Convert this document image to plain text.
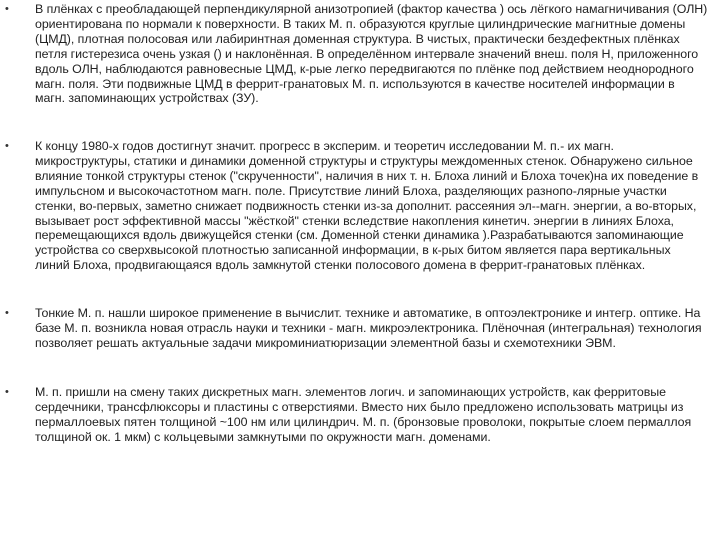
•	В плёнках с преобладающей перпендикулярной анизотропией (фактор качества ) ось лёгкого намагничивания (ОЛН) ориентирована по нормали к поверхности. В таких М. п. образуются круглые цилиндрические магнитные домены (ЦМД), плотная полосовая или лабиринтная доменная структура. В чистых, практически бездефектных плёнках петля гистерезиса очень узкая () и наклонённая. В определённом интервале значений внеш. поля Н, приложенного вдоль ОЛН, наблюдаются равновесные ЦМД, к-рые легко передвигаются по плёнке под действием неоднородного магн. поля. Эти подвижные ЦМД в феррит-гранатовых М. п. используются в качестве носителей информации в магн. запоминающих устройствах (ЗУ).

•	К концу 1980-х годов достигнут значит. прогресс в эксперим. и теоретич исследовании М. п.- их магн. микроструктуры, статики и динамики доменной структуры и структуры междоменных стенок. Обнаружено сильное влияние тонкой структуры стенок ("скрученности", наличия в них т. н. Блоха линий и Блоха точек)на их поведение в импульсном и высокочастотном магн. поле. Присутствие линий Блоха, разделяющих разнопо-лярные участки стенки, во-первых, заметно снижает подвижность стенки из-за дополнит. рассеяния эл--магн. энергии, а во-вторых, вызывает рост эффективной массы "жёсткой" стенки вследствие накопления кинетич. энергии в линиях Блоха, перемещающихся вдоль движущейся стенки (см. Доменной стенки динамика ).Разрабатываются запоминающие устройства со сверхвысокой плотностью записанной информации, в к-рых битом является пара вертикальных линий Блоха, продвигающаяся вдоль замкнутой стенки полосового домена в феррит-гранатовых плёнках.

•	Тонкие М. п. нашли широкое применение в вычислит. технике и автоматике, в оптоэлектронике и интегр. оптике. На базе М. п. возникла новая отрасль науки и техники - магн. микроэлектроника. Плёночная (интегральная) технология позволяет решать актуальные задачи микроминиатюризации элементной базы и схемотехники ЭВМ.

•	М. п. пришли на смену таких дискретных магн. элементов логич. и запоминающих устройств, как ферритовые сердечники, трансфлюксоры и пластины с отверстиями. Вместо них было предложено использовать матрицы из пермаллоевых пятен толщиной ~100 нм или цилиндрич. М. п. (бронзовые проволоки, покрытые слоем пермаллоя толщиной ок. 1 мкм) с кольцевыми замкнутыми по окружности магн. доменами.
